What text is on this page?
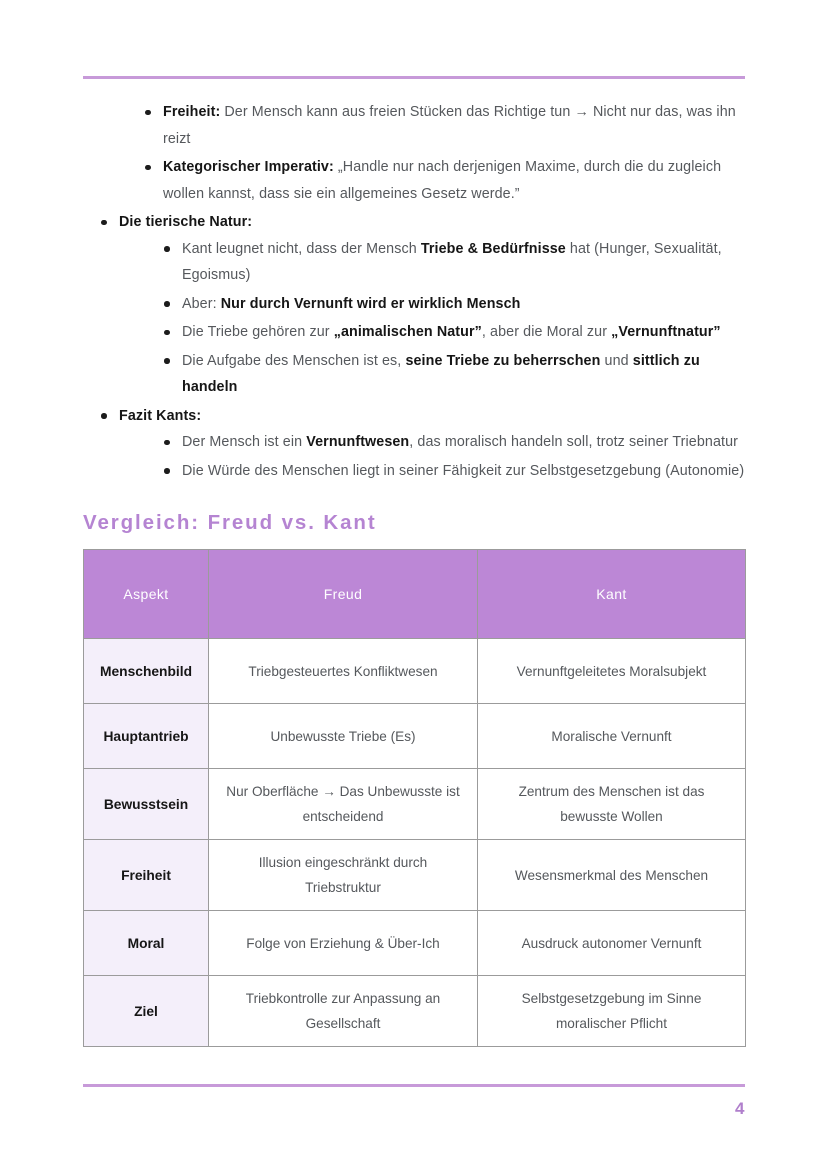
Freiheit: Der Mensch kann aus freien Stücken das Richtige tun → Nicht nur das, was ihn reizt
Kategorischer Imperativ: „Handle nur nach derjenigen Maxime, durch die du zugleich wollen kannst, dass sie ein allgemeines Gesetz werde.”
Die tierische Natur:
Kant leugnet nicht, dass der Mensch Triebe & Bedürfnisse hat (Hunger, Sexualität, Egoismus)
Aber: Nur durch Vernunft wird er wirklich Mensch
Die Triebe gehören zur „animalischen Natur”, aber die Moral zur „Vernunftnatur”
Die Aufgabe des Menschen ist es, seine Triebe zu beherrschen und sittlich zu handeln
Fazit Kants:
Der Mensch ist ein Vernunftwesen, das moralisch handeln soll, trotz seiner Triebnatur
Die Würde des Menschen liegt in seiner Fähigkeit zur Selbstgesetzgebung (Autonomie)
Vergleich: Freud vs. Kant
Aspekt	Freud	Kant
Menschenbild	Triebgesteuertes Konfliktwesen	Vernunftgeleitetes Moralsubjekt
Hauptantrieb	Unbewusste Triebe (Es)	Moralische Vernunft
Bewusstsein	Nur Oberfläche → Das Unbewusste ist entscheidend	Zentrum des Menschen ist das bewusste Wollen
Freiheit	Illusion eingeschränkt durch Triebstruktur	Wesensmerkmal des Menschen
Moral	Folge von Erziehung & Über-Ich	Ausdruck autonomer Vernunft
Ziel	Triebkontrolle zur Anpassung an Gesellschaft	Selbstgesetzgebung im Sinne moralischer Pflicht
4
